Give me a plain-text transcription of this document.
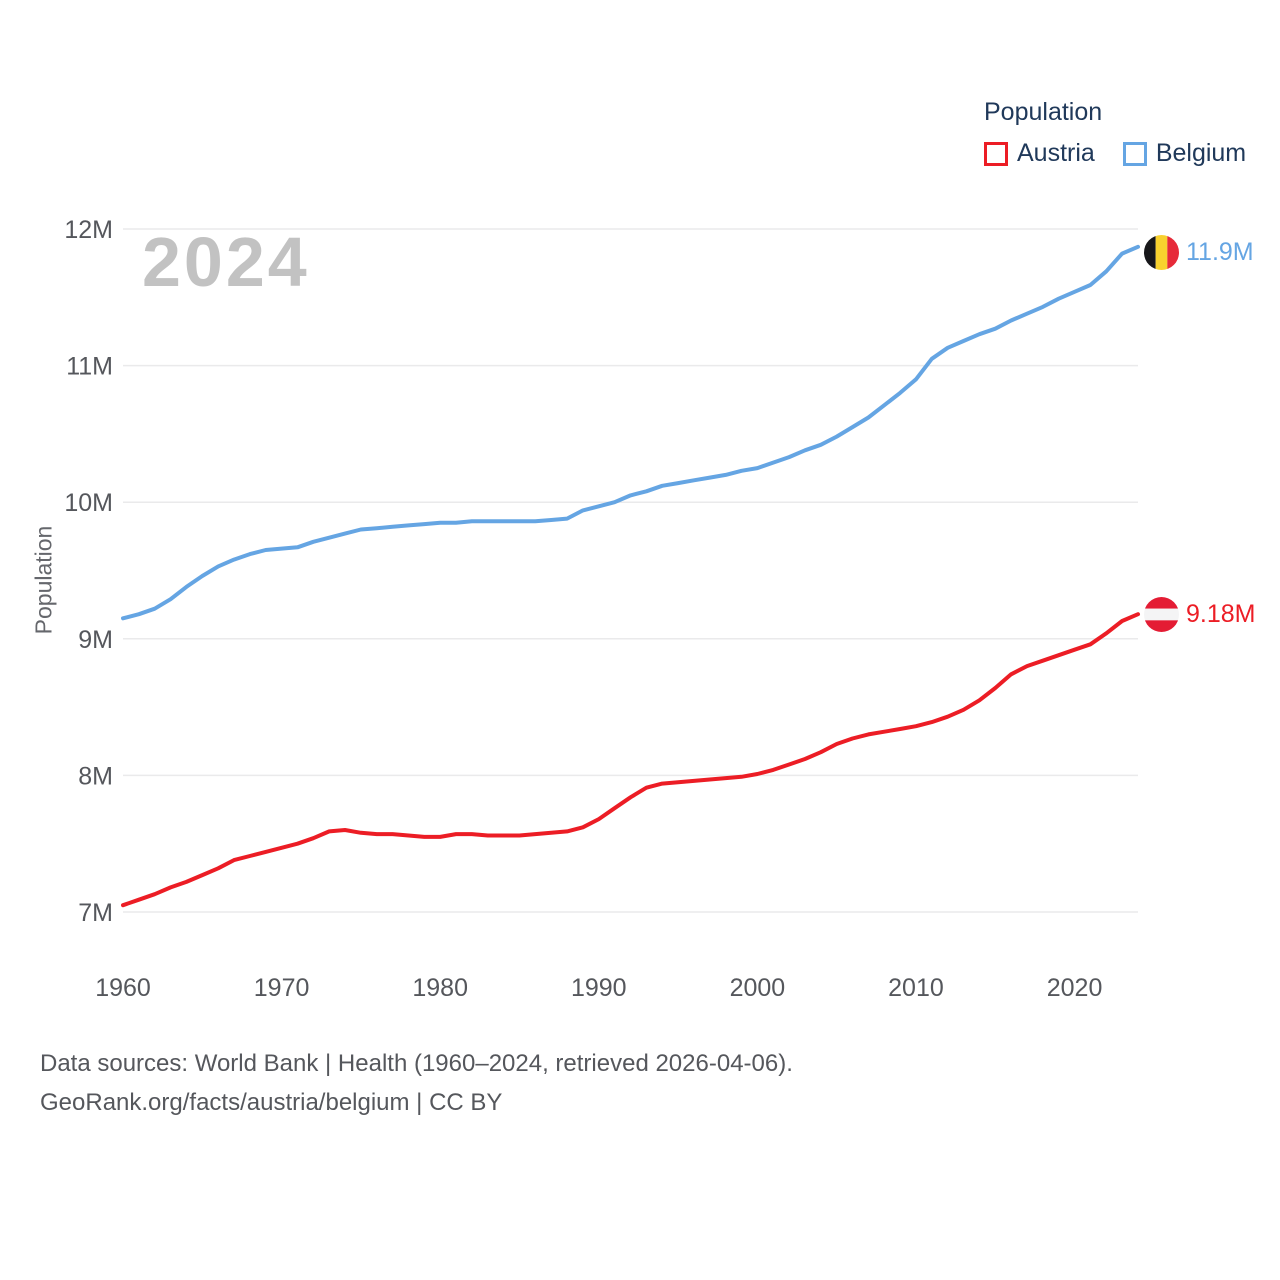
7M
8M
9M
10M
11M
12M
1960	1970	1980	1990	2000	2010	2020
Population
Austria Belgium
2024
Population
11.9M
9.18M
Data sources: World Bank | Health (1960–2024, retrieved 2026-04-06).
GeoRank.org/facts/austria/belgium | CC BY
